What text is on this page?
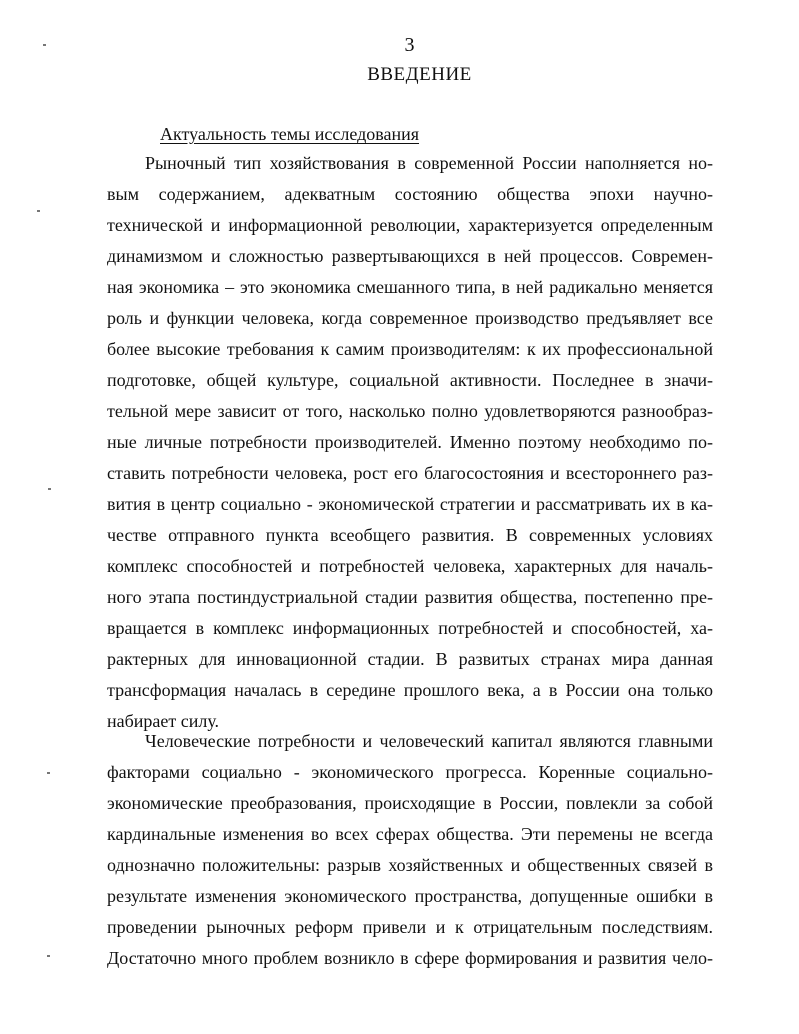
3
ВВЕДЕНИЕ
Актуальность темы исследования
Рыночный тип хозяйствования в современной России наполняется но-
вым содержанием, адекватным состоянию общества эпохи научно-
технической и информационной революции, характеризуется определенным
динамизмом и сложностью развертывающихся в ней процессов. Современ-
ная экономика – это экономика смешанного типа, в ней радикально меняется
роль и функции человека, когда современное производство предъявляет все
более высокие требования к самим производителям: к их профессиональной
подготовке, общей культуре, социальной активности. Последнее в значи-
тельной мере зависит от того, насколько полно удовлетворяются разнообраз-
ные личные потребности производителей. Именно поэтому необходимо по-
ставить потребности человека, рост его благосостояния и всестороннего раз-
вития в центр социально - экономической стратегии и рассматривать их в ка-
честве отправного пункта всеобщего развития. В современных условиях
комплекс способностей и потребностей человека, характерных для началь-
ного этапа постиндустриальной стадии развития общества, постепенно пре-
вращается в комплекс информационных потребностей и способностей, ха-
рактерных для инновационной стадии. В развитых странах мира данная
трансформация началась в середине прошлого века, а в России она только
набирает силу.
Человеческие потребности и человеческий капитал являются главными
факторами социально - экономического прогресса. Коренные социально-
экономические преобразования, происходящие в России, повлекли за собой
кардинальные изменения во всех сферах общества. Эти перемены не всегда
однозначно положительны: разрыв хозяйственных и общественных связей в
результате изменения экономического пространства, допущенные ошибки в
проведении рыночных реформ привели и к отрицательным последствиям.
Достаточно много проблем возникло в сфере формирования и развития чело-
